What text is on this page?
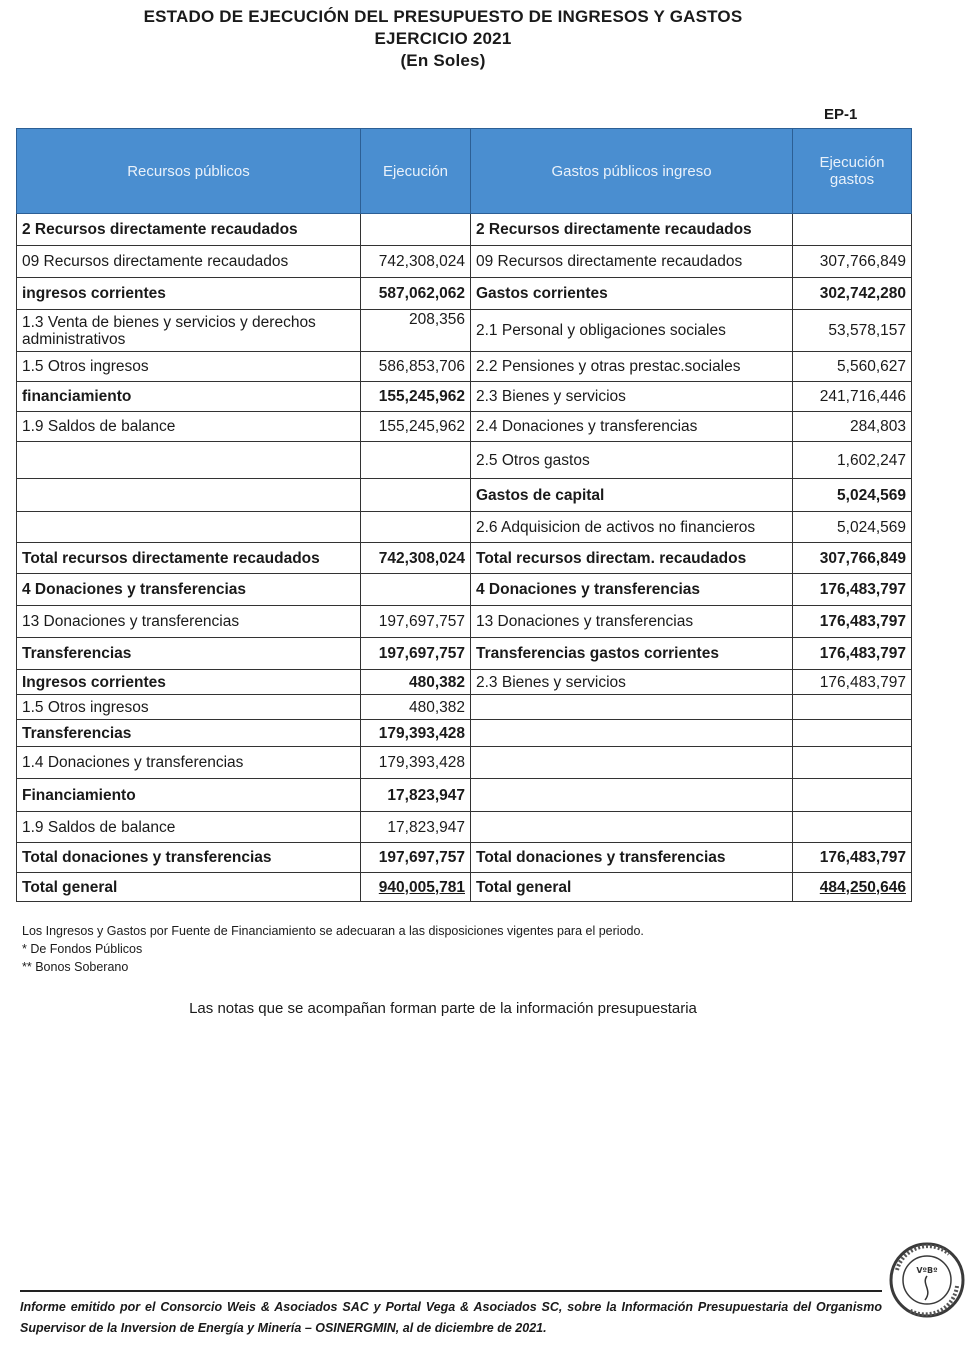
ESTADO DE EJECUCIÓN DEL PRESUPUESTO DE INGRESOS Y GASTOS
EJERCICIO 2021
(En Soles)
EP-1
Recursos públicos	Ejecución	Gastos públicos ingreso	Ejecución
gastos
2 Recursos directamente recaudados		2 Recursos directamente recaudados	
09 Recursos directamente recaudados	742,308,024	09 Recursos directamente recaudados	307,766,849
ingresos corrientes	587,062,062	Gastos corrientes	302,742,280
1.3 Venta de bienes y servicios y derechos administrativos	208,356	2.1 Personal y obligaciones sociales	53,578,157
1.5 Otros ingresos	586,853,706	2.2 Pensiones y otras prestac.sociales	5,560,627
financiamiento	155,245,962	2.3 Bienes y servicios	241,716,446
1.9 Saldos de balance	155,245,962	2.4 Donaciones y transferencias	284,803
		2.5 Otros gastos	1,602,247
		Gastos de capital	5,024,569
		2.6 Adquisicion de activos no financieros	5,024,569
Total recursos directamente recaudados	742,308,024	Total recursos directam. recaudados	307,766,849
4 Donaciones y transferencias		4 Donaciones y transferencias	176,483,797
13 Donaciones y transferencias	197,697,757	13 Donaciones y transferencias	176,483,797
Transferencias	197,697,757	Transferencias gastos corrientes	176,483,797
Ingresos corrientes	480,382	2.3 Bienes y servicios	176,483,797
1.5 Otros ingresos	480,382		
Transferencias	179,393,428		
1.4 Donaciones y transferencias	179,393,428		
Financiamiento	17,823,947		
1.9 Saldos de balance	17,823,947		
Total donaciones y transferencias	197,697,757	Total donaciones y transferencias	176,483,797
Total general	940,005,781	Total general	484,250,646
Los Ingresos y Gastos por Fuente de Financiamiento se adecuaran a las disposiciones vigentes para el periodo.
* De Fondos Públicos
** Bonos Soberano
Las notas que se acompañan forman parte de la información presupuestaria
VºBº
Informe emitido por el Consorcio Weis & Asociados SAC y Portal Vega & Asociados SC, sobre la Información Presupuestaria del Organismo Supervisor de la Inversion de Energía y Minería – OSINERGMIN, al de diciembre de 2021.
